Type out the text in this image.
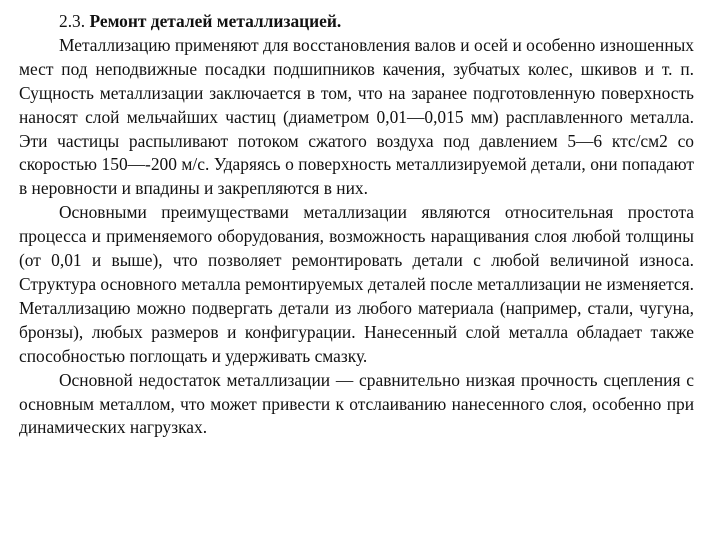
2.3. Ремонт деталей металлизацией.

Металлизацию применяют для восстановления валов и осей и особенно изношенных мест под неподвижные посадки подшипников качения, зубчатых колес, шкивов и т. п. Сущность металлизации заключается в том, что на заранее подготовленную поверхность наносят слой мельчайших частиц (диаметром 0,01—0,015 мм) расплавленного металла. Эти частицы распыливают потоком сжатого воздуха под давлением 5—6 ктс/см2 со скоростью 150—-200 м/с. Ударяясь о поверхность металлизируемой детали, они попадают в неровности и впадины и закрепляются в них.

Основными преимуществами металлизации являются относительная простота процесса и применяемого оборудования, возможность наращивания слоя любой толщины (от 0,01 и выше), что позволяет ремонтировать детали с любой величиной износа. Структура основного металла ремонтируемых деталей после металлизации не изменяется. Металлизацию можно подвергать детали из любого материала (например, стали, чугуна, бронзы), любых размеров и конфигурации. Нанесенный слой металла обладает также способностью поглощать и удерживать смазку.

Основной недостаток металлизации — сравнительно низкая прочность сцепления с основным металлом, что может привести к отслаиванию нанесенного слоя, особенно при динамических нагрузках.
